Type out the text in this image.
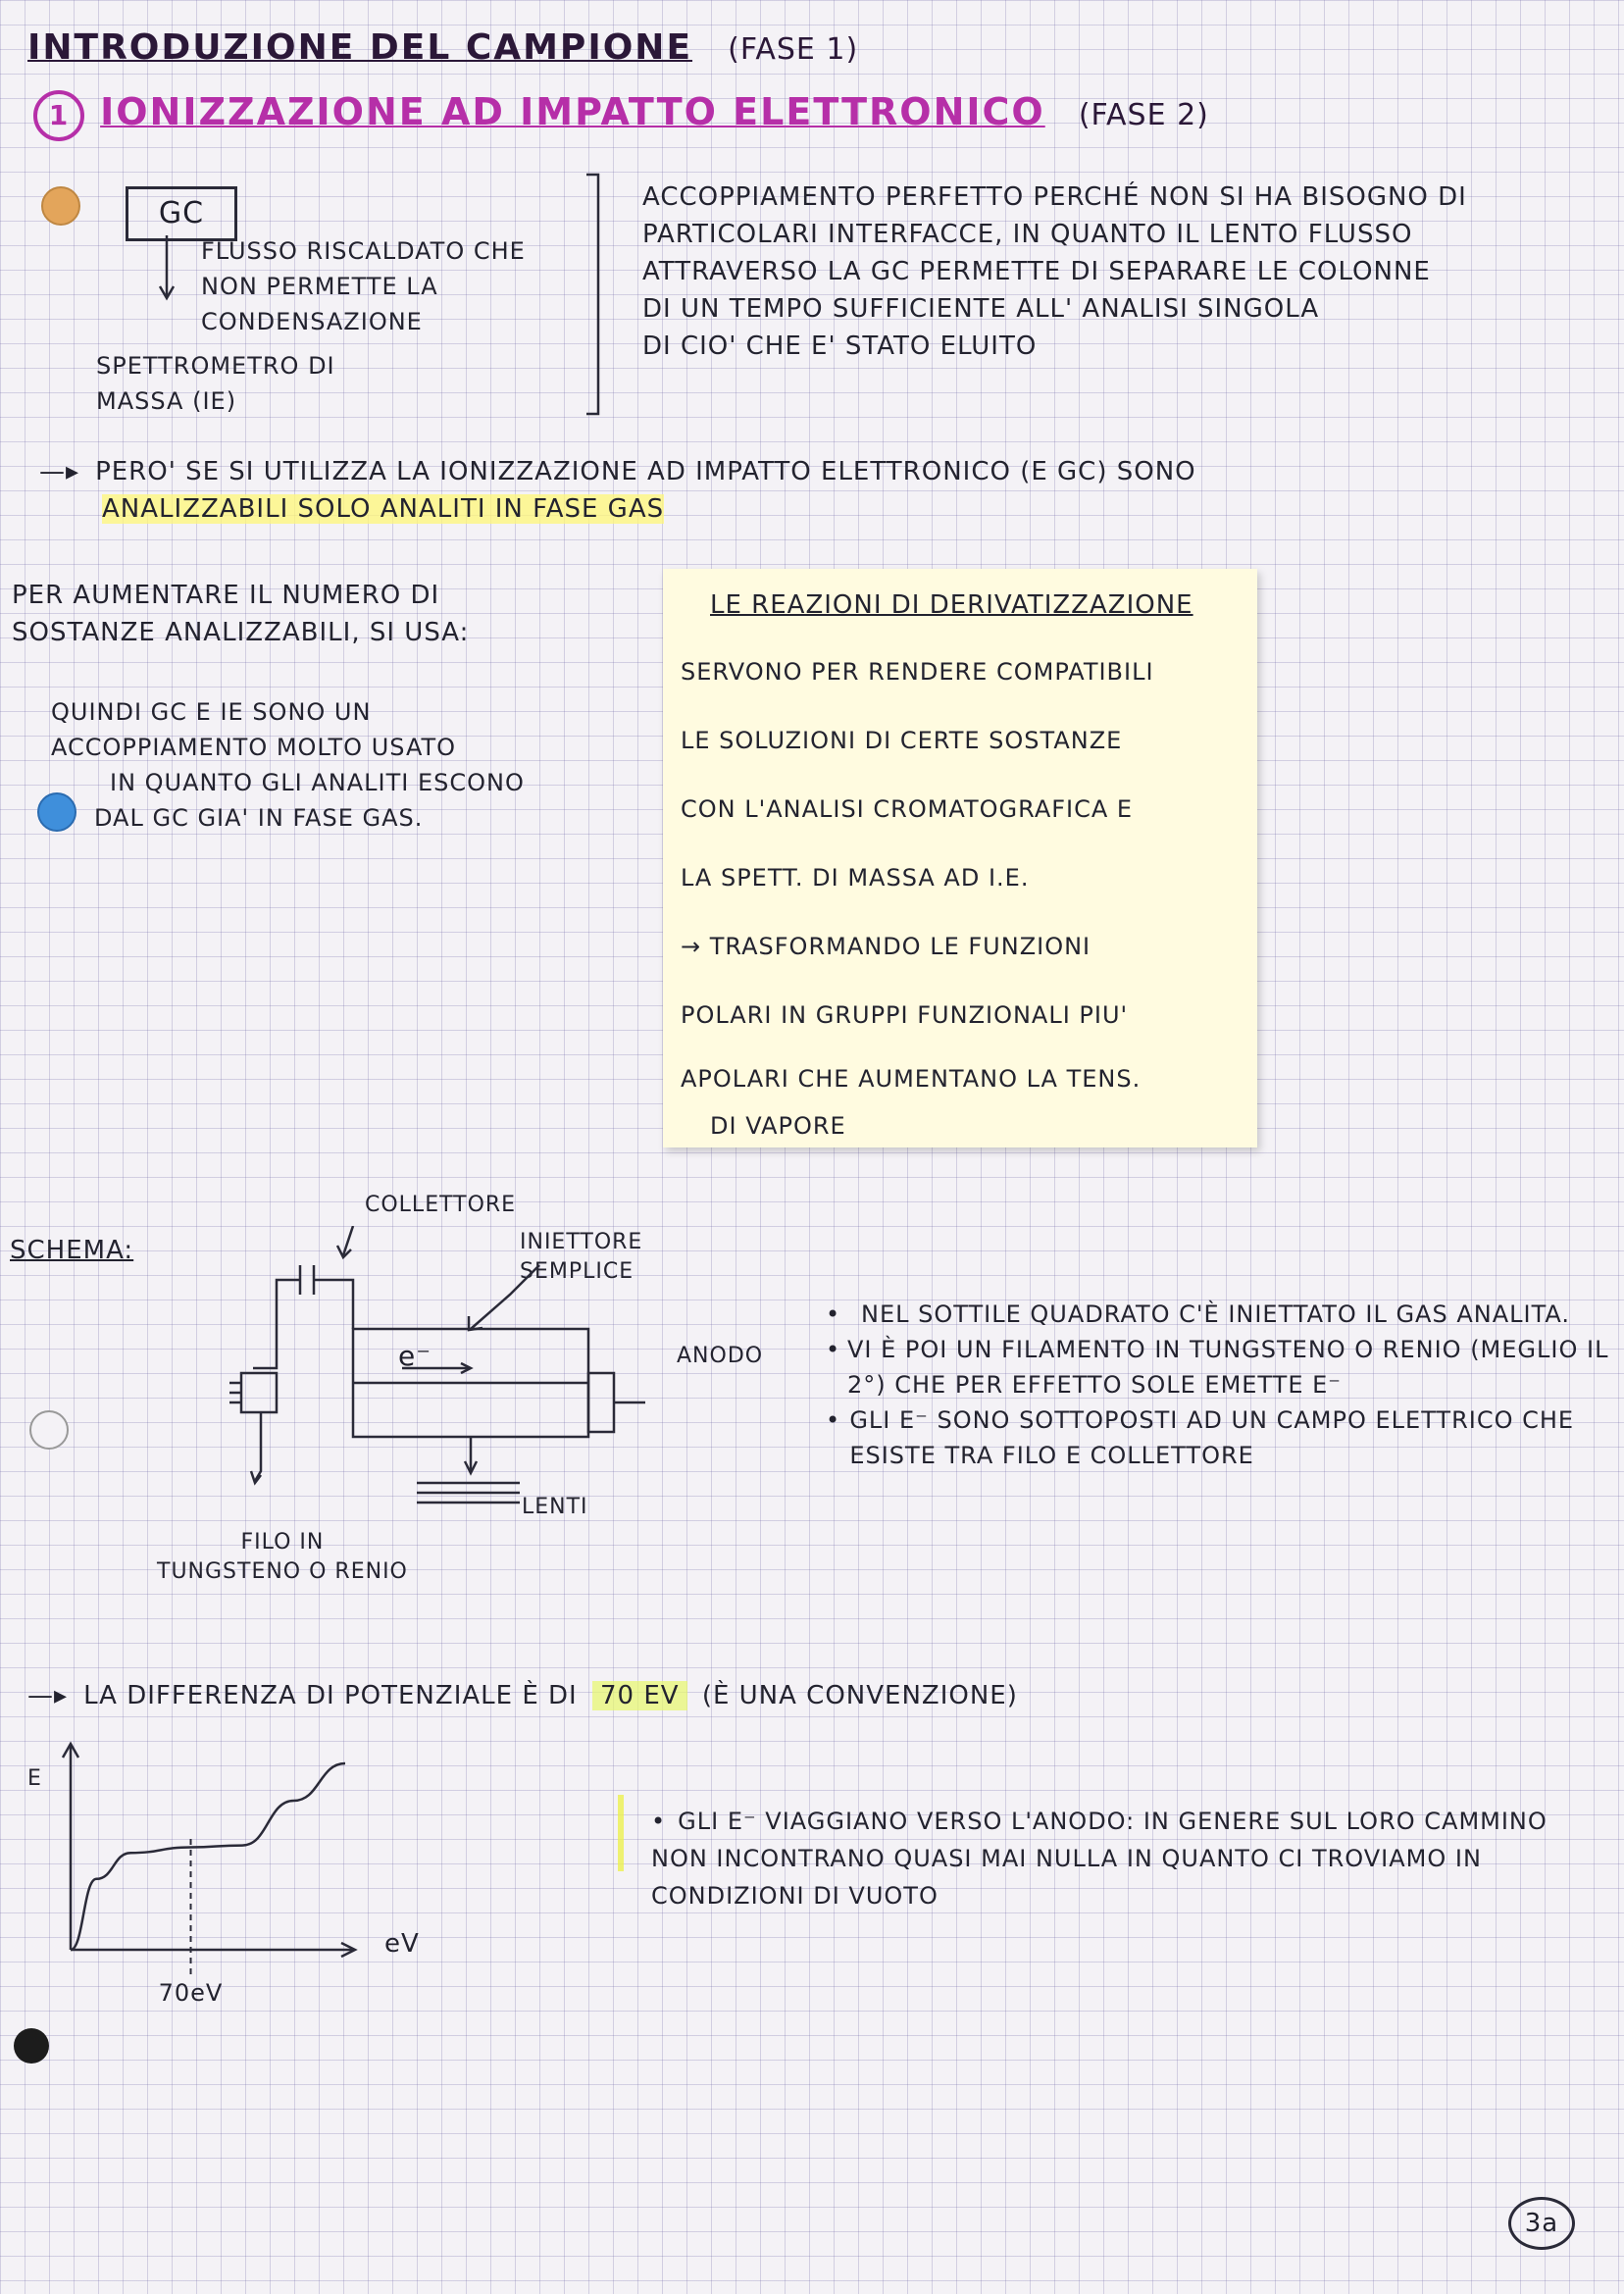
INTRODUZIONE DEL CAMPIONE (FASE 1)
1 IONIZZAZIONE AD IMPATTO ELETTRONICO (FASE 2)
GC
FLUSSO RISCALDATO CHE NON PERMETTE LA CONDENSAZIONE
SPETTROMETRO DI MASSA (IE)
ACCOPPIAMENTO PERFETTO PERCHÉ NON SI HA BISOGNO DI
PARTICOLARI INTERFACCE, IN QUANTO IL LENTO FLUSSO
ATTRAVERSO LA GC PERMETTE DI SEPARARE LE COLONNE
DI UN TEMPO SUFFICIENTE ALL' ANALISI SINGOLA
DI CIO' CHE E' STATO ELUITO
—▸ PERO' SE SI UTILIZZA LA IONIZZAZIONE AD IMPATTO ELETTRONICO (E GC) SONO
ANALIZZABILI SOLO ANALITI IN FASE GAS
PER AUMENTARE IL NUMERO DI
SOSTANZE ANALIZZABILI, SI USA:
QUINDI GC E IE SONO UN
ACCOPPIAMENTO MOLTO USATO
IN QUANTO GLI ANALITI ESCONO
DAL GC GIA' IN FASE GAS.
LE REAZIONI DI DERIVATIZZAZIONE
SERVONO PER RENDERE COMPATIBILI
LE SOLUZIONI DI CERTE SOSTANZE
CON L'ANALISI CROMATOGRAFICA E
LA SPETT. DI MASSA AD I.E.
→ TRASFORMANDO LE FUNZIONI
POLARI IN GRUPPI FUNZIONALI PIU'
APOLARI CHE AUMENTANO LA TENS.
DI VAPORE
SCHEMA:
COLLETTORE
INIETTORE
SEMPLICE
ANODO
LENTI
FILO IN
TUNGSTENO O RENIO
e⁻
• NEL SOTTILE QUADRATO C'È INIETTATO IL GAS ANALITA.
• VI È POI UN FILAMENTO IN TUNGSTENO O RENIO (MEGLIO IL 2°) CHE PER EFFETTO SOLE EMETTE E⁻
• GLI E⁻ SONO SOTTOPOSTI AD UN CAMPO ELETTRICO CHE ESISTE TRA FILO E COLLETTORE
—▸ LA DIFFERENZA DI POTENZIALE È DI 70 EV (È UNA CONVENZIONE)
E
eV
70eV
• GLI E⁻ VIAGGIANO VERSO L'ANODO: IN GENERE SUL LORO CAMMINO NON INCONTRANO QUASI MAI NULLA IN QUANTO CI TROVIAMO IN CONDIZIONI DI VUOTO
3a
